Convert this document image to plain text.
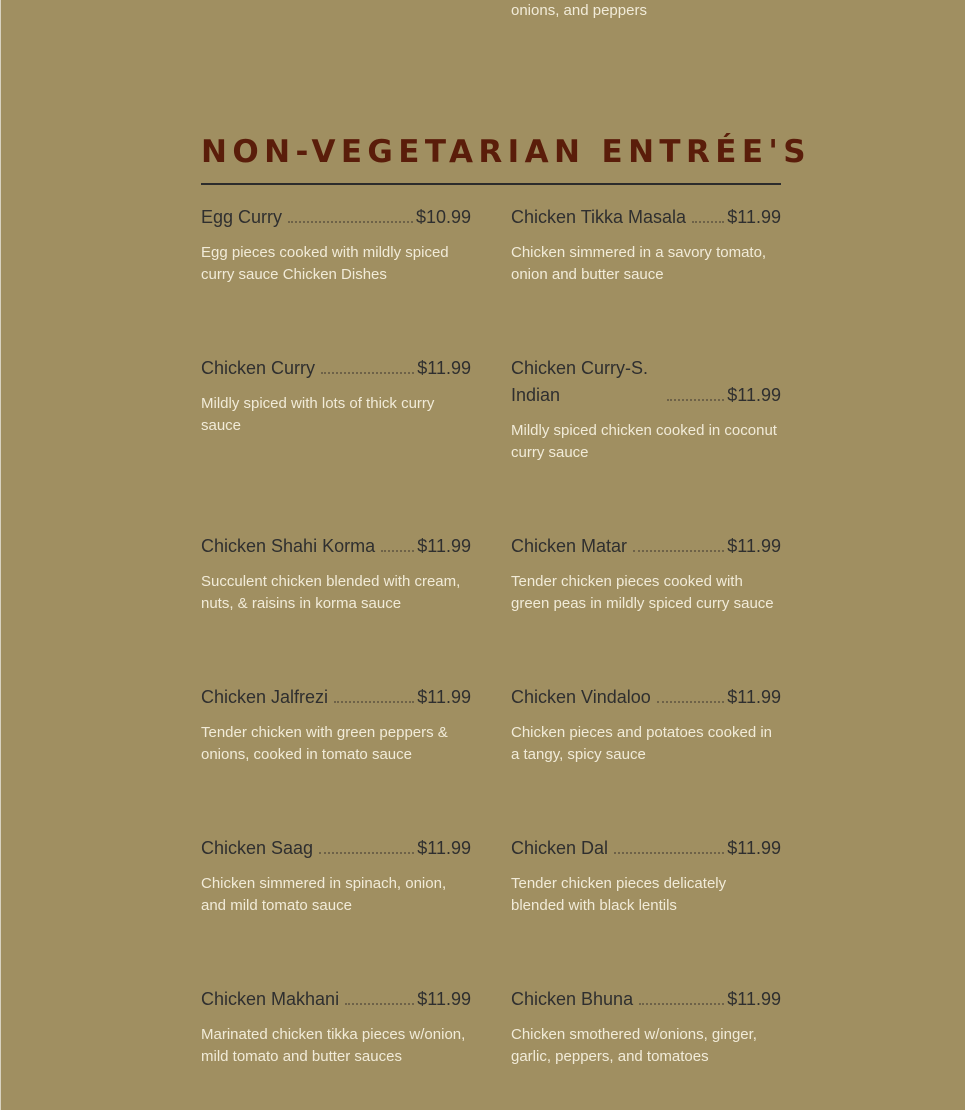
onions, and peppers
NON-VEGETARIAN ENTRÉE'S
Egg Curry	$10.99
Egg pieces cooked with mildly spiced curry sauce Chicken Dishes
Chicken Tikka Masala $11.99
Chicken simmered in a savory tomato, onion and butter sauce
Chicken Curry	$11.99
Mildly spiced with lots of thick curry sauce
Chicken Curry-S. Indian	$11.99
Mildly spiced chicken cooked in coconut curry sauce
Chicken Shahi Korma $11.99
Succulent chicken blended with cream, nuts, & raisins in korma sauce
Chicken Matar	$11.99
Tender chicken pieces cooked with green peas in mildly spiced curry sauce
Chicken Jalfrezi	$11.99
Tender chicken with green peppers & onions, cooked in tomato sauce
Chicken Vindaloo	$11.99
Chicken pieces and potatoes cooked in a tangy, spicy sauce
Chicken Saag	$11.99
Chicken simmered in spinach, onion, and mild tomato sauce
Chicken Dal	$11.99
Tender chicken pieces delicately blended with black lentils
Chicken Makhani	$11.99
Marinated chicken tikka pieces w/onion, mild tomato and butter sauces
Chicken Bhuna	$11.99
Chicken smothered w/onions, ginger, garlic, peppers, and tomatoes
